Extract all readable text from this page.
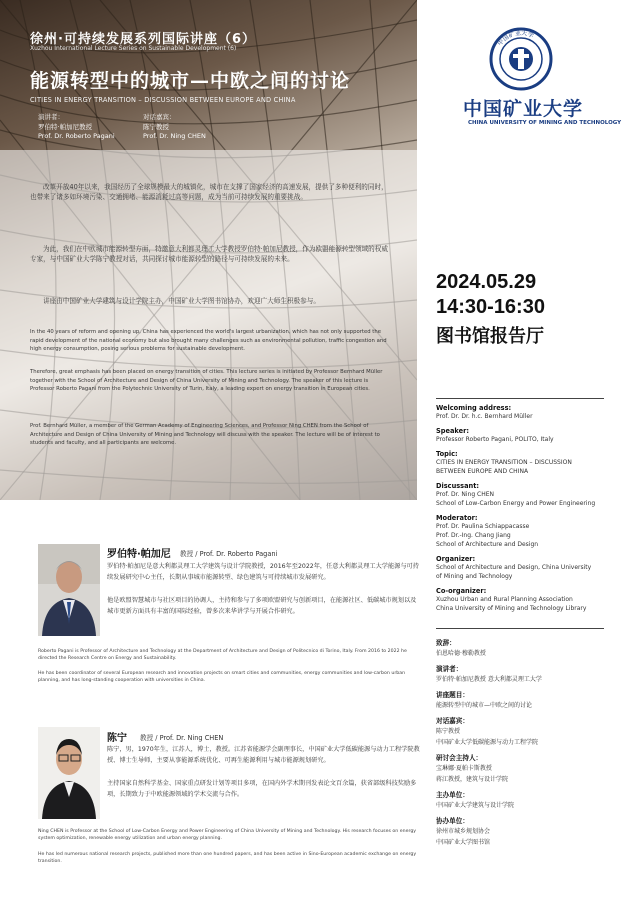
徐州·可持续发展系列国际讲座（6）
Xuzhou International Lecture Series on Sustainable Development (6)
能源转型中的城市—中欧之间的讨论
CITIES IN ENERGY TRANSITION – DISCUSSION BETWEEN EUROPE AND CHINA
演讲者：
罗伯特·帕加尼教授
Prof. Dr. Roberto Pagani
对话嘉宾：
陈宁教授
Prof. Dr. Ning CHEN

改革开放40年以来，我国经历了全球规模最大的城镇化，城市在支撑了国家经济的高速发展，提供了多种便利的同时，也带来了诸多如环境污染、交通拥堵、能源消耗过高等问题，成为当前可持续发展的重要挑战。

为此，我们在中欧城市能源转型方面，特邀意大利都灵理工大学教授罗伯特·帕加尼教授，作为欧盟能源转型领域的权威专家，与中国矿业大学陈宁教授对话，共同探讨城市能源转型的路径与可持续发展的未来。

讲座由中国矿业大学建筑与设计学院主办，中国矿业大学图书馆协办，欢迎广大师生积极参与。

In the 40 years of reform and opening up, China has experienced the world's largest urbanization, which has not only supported the rapid development of the national economy but also brought many challenges such as environmental pollution, traffic congestion and high energy consumption, posing serious problems for sustainable development.

Therefore, great emphasis has been placed on energy transition of cities. This lecture series is initiated by Professor Bernhard Müller together with the School of Architecture and Design of China University of Mining and Technology. The speaker of this lecture is Professor Roberto Pagani from the Polytechnic University of Turin, Italy, a leading expert on energy transition in European cities.

Prof. Bernhard Müller, a member of the German Academy of Engineering Sciences, and Professor Ning CHEN from the School of Architecture and Design of China University of Mining and Technology will discuss with the speaker. The lecture will be of interest to students and faculty, and all participants are welcome.

中国矿业大学
中国矿业大学
CHINA UNIVERSITY OF MINING AND TECHNOLOGY
2024.05.29
14:30-16:30
图书馆报告厅
Welcoming address:
Prof. Dr. Dr. h.c. Bernhard Müller
Speaker:
Professor Roberto Pagani, POLITO, Italy
Topic:
CITIES IN ENERGY TRANSITION – DISCUSSION
BETWEEN EUROPE AND CHINA
Discussant:
Prof. Dr. Ning CHEN
School of Low-Carbon Energy and Power Engineering
Moderator:
Prof. Dr. Paulina Schiappacasse
Prof. Dr.-Ing. Chang Jiang
School of Architecture and Design
Organizer:
School of Architecture and Design, China University
of Mining and Technology
Co-organizer:
Xuzhou Urban and Rural Planning Association
China University of Mining and Technology Library
致辞：
伯恩哈德·穆勒教授
演讲者：
罗伯特·帕加尼教授 意大利都灵理工大学
讲座题目：
能源转型中的城市—中欧之间的讨论
对话嘉宾：
陈宁教授
中国矿业大学低碳能源与动力工程学院
研讨会主持人：
宝琳娜·夏帕卡斯教授
蒋江教授，建筑与设计学院
主办单位：
中国矿业大学建筑与设计学院
协办单位：
徐州市城乡规划协会
中国矿业大学图书馆
罗伯特·帕加尼 教授 / Prof. Dr. Roberto Pagani

罗伯特·帕加尼是意大利都灵理工大学建筑与设计学院教授，2016年至2022年，任意大利都灵理工大学能源与可持续发展研究中心主任，长期从事城市能源转型、绿色建筑与可持续城市发展研究。

他是欧盟智慧城市与社区项目的协调人，主持和参与了多项欧盟研究与创新项目，在能源社区、低碳城市规划以及城市更新方面具有丰富的国际经验，曾多次来华讲学与开展合作研究。

Roberto Pagani is Professor of Architecture and Technology at the Department of Architecture and Design of Politecnico di Torino, Italy. From 2016 to 2022 he directed the Research Centre on Energy and Sustainability.

He has been coordinator of several European research and innovation projects on smart cities and communities, energy communities and low-carbon urban planning, and has long-standing cooperation with universities in China.

陈宁 教授 / Prof. Dr. Ning CHEN

陈宁，男，1970年生，江苏人，博士，教授。江苏省能源学会副理事长，中国矿业大学低碳能源与动力工程学院教授、博士生导师，主要从事能源系统优化、可再生能源利用与城市能源规划研究。

主持国家自然科学基金、国家重点研发计划等项目多项，在国内外学术期刊发表论文百余篇，获省部级科技奖励多项，长期致力于中欧能源领域的学术交流与合作。

Ning CHEN is Professor at the School of Low-Carbon Energy and Power Engineering of China University of Mining and Technology. His research focuses on energy system optimization, renewable energy utilization and urban energy planning.

He has led numerous national research projects, published more than one hundred papers, and has been active in Sino-European academic exchange on energy transition.
